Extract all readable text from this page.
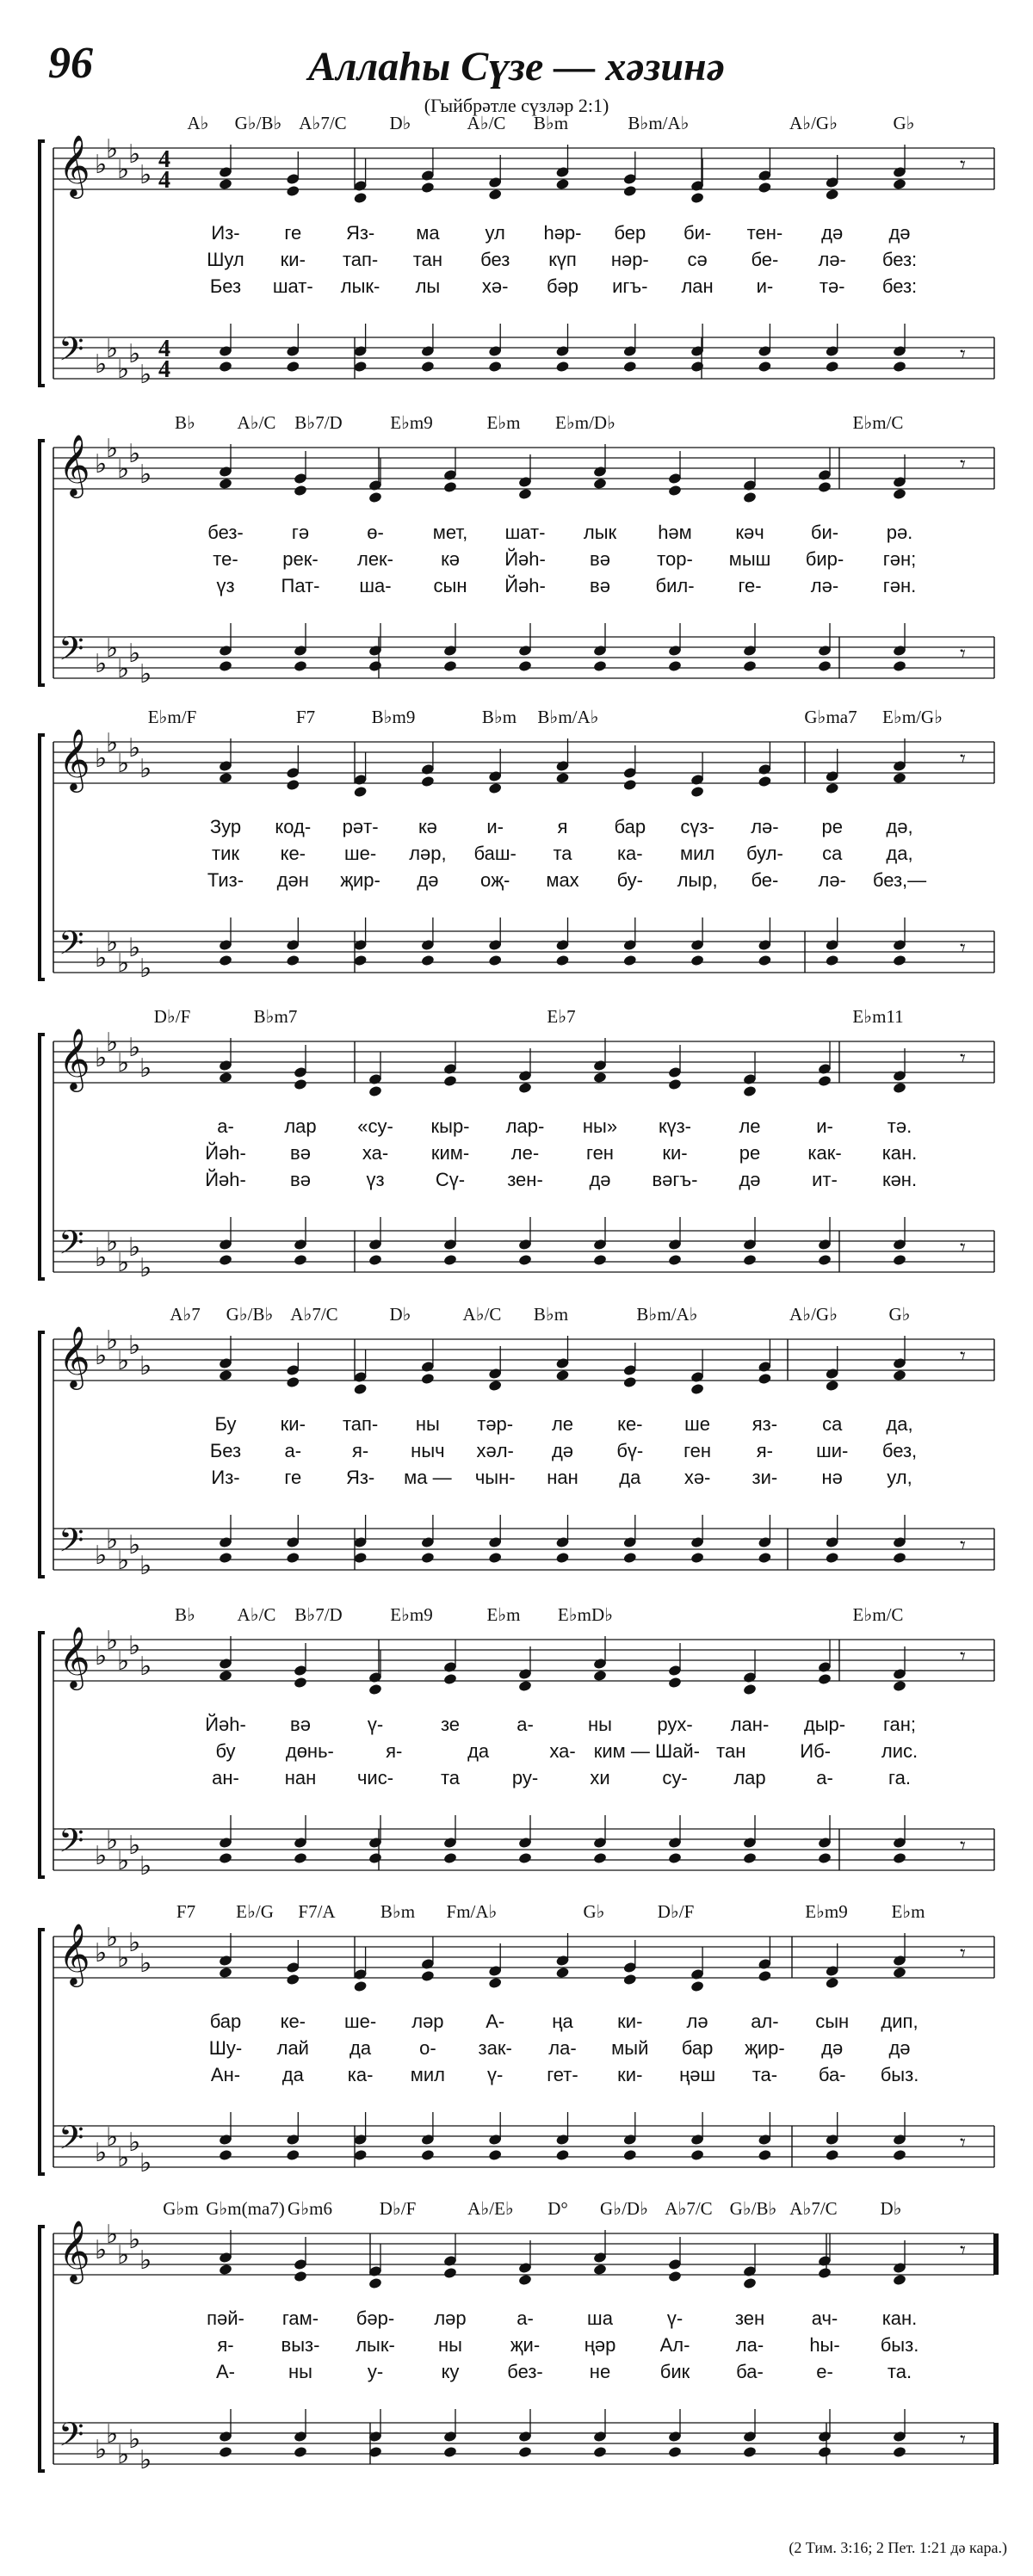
96	Аллаһы Сүзе — хәзинә
(Гыйбрәтле сүзләр 2:1)
A♭ G♭/B♭ A♭7/C D♭	A♭/C B♭m	B♭m/A♭	A♭/G♭	G♭
𝄞 ♭
♭
♭
♭
♭	𝄾
𝄢 ♭
♭
♭
♭
♭
𝄾
4
4
4
4
Из- ге Яз- ма ул һәр- бер би- тен- дә дә
Шул ки- тап- тан без күп нәр- сә бе- лә- без:
Без шат- лык- лы хә- бәр игъ- лан и- тә- без:
B♭ A♭/C B♭7/D	E♭m9	E♭m E♭m/D♭	E♭m/C
𝄞 ♭
♭
♭
♭
♭	𝄾
𝄢 ♭
♭
♭
♭
♭
𝄾
без-	гә	ө-	мет, шат- лык һәм кәч би-	рә.
те- рек- лек-	кә Йәһ- вә тор- мыш бир- гән;
үз Пат- ша- сын Йәһ- вә бил- ге-	лә- гән.
E♭m/F	F7	B♭m9	B♭m B♭m/A♭	G♭ma7 E♭m/G♭
𝄞 ♭
♭
♭
♭
♭	𝄾
𝄢 ♭
♭
♭
♭
♭
𝄾
Зур код- рәт- кә	и-	я бар сүз- лә- ре дә,
тик ке- ше- ләр, баш- та ка- мил бул- са да,
Тиз- дән җир- дә оҗ- мах бу- лыр, бе- лә- без,—
D♭/F	B♭m7	E♭7	E♭m11
𝄞 ♭
♭
♭
♭
♭	𝄾
𝄢 ♭
♭
♭
♭
♭
𝄾
а-	лар «су- кыр- лар- ны» күз-	ле	и-	тә.
Йәһ- вә	ха- ким- ле- ген	ки-	ре	как- кан.
Йәһ- вә	үз	Сү- зен- дә вәгъ- дә	ит- кән.
A♭7 G♭/B♭ A♭7/C	D♭	A♭/C B♭m	B♭m/A♭	A♭/G♭	G♭
𝄞 ♭
♭
♭
♭
♭	𝄾
𝄢 ♭
♭
♭
♭
♭
𝄾
Бу ки- тап- ны тәр- ле ке- ше яз- са да,
Без а-	я- ныч хәл- дә бү- ген я- ши- без,
Из- ге Яз- ма — чын- нан да хә- зи- нә ул,
B♭ A♭/C B♭7/D	E♭m9	E♭m E♭mD♭	E♭m/C
𝄞 ♭
♭
♭
♭
♭	𝄾
𝄢 ♭
♭
♭
♭
♭
𝄾
Йәһ- вә	ү-	зе	а-	ны рух- лан- дыр- ган;
бу	дөнь-	я-	да	ха- ким — Шай- тан	Иб-	лис.
ан- нан чис- та	ру-	хи	су- лар	а-	га.
F7 E♭/G F7/A B♭m Fm/A♭	G♭	D♭/F	E♭m9 E♭m
𝄞 ♭
♭
♭
♭
♭	𝄾
𝄢 ♭
♭
♭
♭
♭
𝄾
бар ке- ше- ләр А-	ңа ки- лә ал- сын дип,
Шу- лай да	о- зак- ла- мый бар җир- дә дә
Ан- да ка- мил ү- гет- ки- ңәш та- ба- быз.
G♭m G♭m(ma7) G♭m6	D♭/F	A♭/E♭ D° G♭/D♭ A♭7/C G♭/B♭ A♭7/C D♭
𝄞 ♭
♭
♭
♭
♭	𝄾
𝄢 ♭
♭
♭
♭
♭
𝄾
пәй- гам- бәр- ләр	а-	ша	ү-	зен ач- кан.
я- выз- лык- ны	җи- ңәр Ал- ла- һы- быз.
А-	ны	у-	ку	без- не	бик ба-	е-	та.
(2 Тим. 3:16; 2 Пет. 1:21 дә кара.)
